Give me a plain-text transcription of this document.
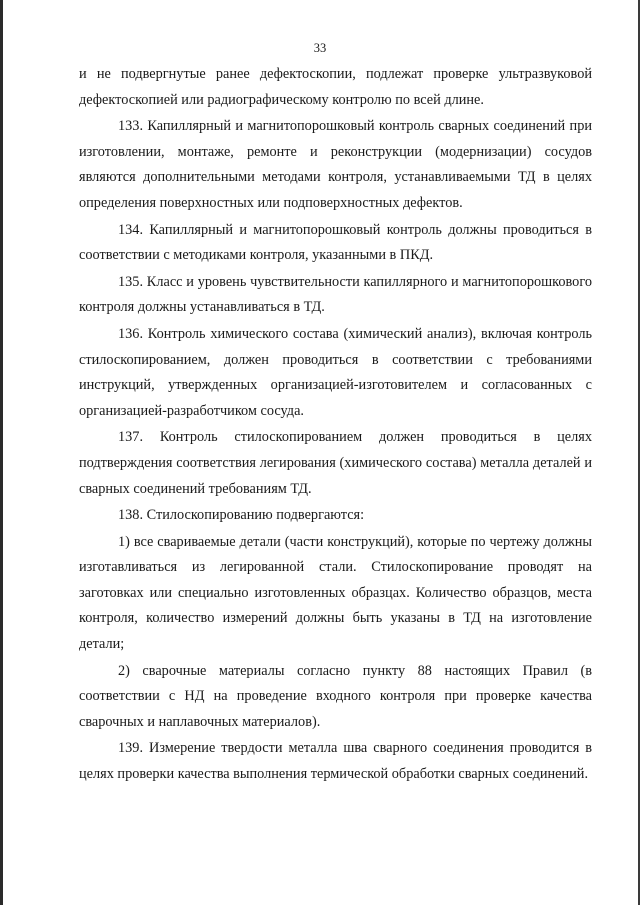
33

и не подвергнутые ранее дефектоскопии, подлежат проверке ультразвуковой дефектоскопией или радиографическому контролю по всей длине.

133. Капиллярный и магнитопорошковый контроль сварных соединений при изготовлении, монтаже, ремонте и реконструкции (модернизации) сосудов являются дополнительными методами контроля, устанавливаемыми ТД в целях определения поверхностных или подповерхностных дефектов.

134. Капиллярный и магнитопорошковый контроль должны проводиться в соответствии с методиками контроля, указанными в ПКД.

135. Класс и уровень чувствительности капиллярного и магнитопорошкового контроля должны устанавливаться в ТД.

136. Контроль химического состава (химический анализ), включая контроль стилоскопированием, должен проводиться в соответствии с требованиями инструкций, утвержденных организацией-изготовителем и согласованных с организацией-разработчиком сосуда.

137. Контроль стилоскопированием должен проводиться в целях подтверждения соответствия легирования (химического состава) металла деталей и сварных соединений требованиям ТД.

138. Стилоскопированию подвергаются:

1) все свариваемые детали (части конструкций), которые по чертежу должны изготавливаться из легированной стали. Стилоскопирование проводят на заготовках или специально изготовленных образцах. Количество образцов, места контроля, количество измерений должны быть указаны в ТД на изготовление детали;

2) сварочные материалы согласно пункту 88 настоящих Правил (в соответствии с НД на проведение входного контроля при проверке качества сварочных и наплавочных материалов).

139. Измерение твердости металла шва сварного соединения проводится в целях проверки качества выполнения термической обработки сварных соединений.
